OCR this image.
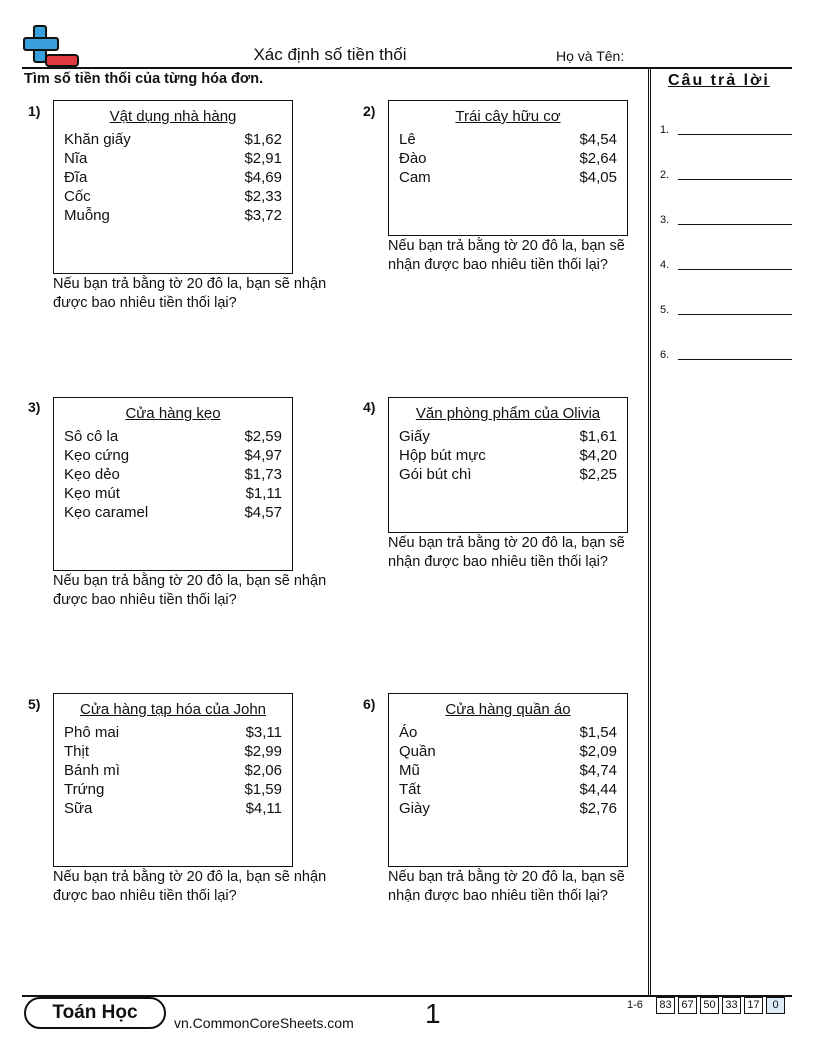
Xác định số tiền thối	Họ và Tên:
Tìm số tiền thối của từng hóa đơn.	Câu trả lời
1.
2.
3.
4.
5.
6.
1)	Vật dụng nhà hàng
Khăn giấy	$1,62
Nĩa	$2,91
Đĩa	$4,69
Cốc	$2,33
Muỗng	$3,72
Nếu bạn trả bằng tờ 20 đô la, bạn sẽ nhận được bao nhiêu tiền thối lại?
2)	Trái cây hữu cơ
Lê	$4,54
Đào	$2,64
Cam	$4,05
Nếu bạn trả bằng tờ 20 đô la, bạn sẽ nhận được bao nhiêu tiền thối lại?
3)	Cửa hàng kẹo
Sô cô la	$2,59
Kẹo cứng	$4,97
Kẹo dẻo	$1,73
Kẹo mút	$1,11
Kẹo caramel	$4,57
Nếu bạn trả bằng tờ 20 đô la, bạn sẽ nhận được bao nhiêu tiền thối lại?
4)	Văn phòng phẩm của Olivia
Giấy	$1,61
Hộp bút mực	$4,20
Gói bút chì	$2,25
Nếu bạn trả bằng tờ 20 đô la, bạn sẽ nhận được bao nhiêu tiền thối lại?
5)	Cửa hàng tạp hóa của John
Phô mai	$3,11
Thịt	$2,99
Bánh mì	$2,06
Trứng	$1,59
Sữa	$4,11
Nếu bạn trả bằng tờ 20 đô la, bạn sẽ nhận được bao nhiêu tiền thối lại?
6)	Cửa hàng quần áo
Áo	$1,54
Quần	$2,09
Mũ	$4,74
Tất	$4,44
Giày	$2,76
Nếu bạn trả bằng tờ 20 đô la, bạn sẽ nhận được bao nhiêu tiền thối lại?
Toán Học	vn.CommonCoreSheets.com	1	1-6	83 67 50 33 17	0
